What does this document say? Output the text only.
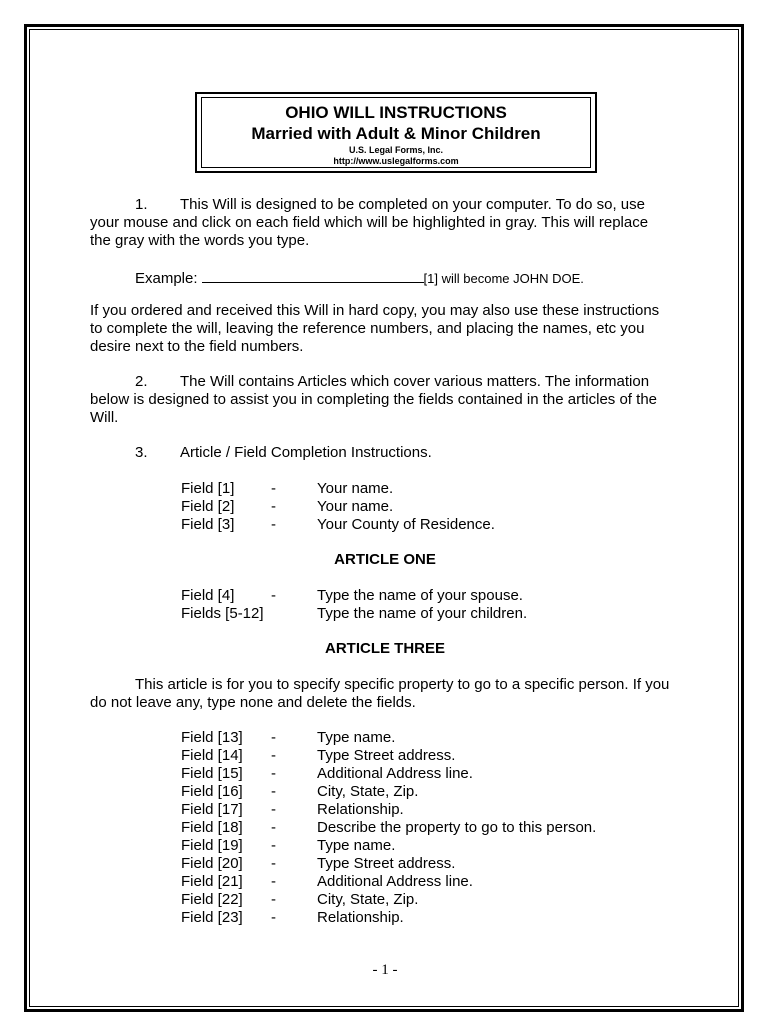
OHIO WILL INSTRUCTIONS
Married with Adult & Minor Children
U.S. Legal Forms, Inc.
http://www.uslegalforms.com
1. This Will is designed to be completed on your computer. To do so, use
your mouse and click on each field which will be highlighted in gray. This will replace
the gray with the words you type.
Example:	[1] will become JOHN DOE.
If you ordered and received this Will in hard copy, you may also use these instructions
to complete the will, leaving the reference numbers, and placing the names, etc you
desire next to the field numbers.
2. The Will contains Articles which cover various matters. The information
below is designed to assist you in completing the fields contained in the articles of the
Will.
3. Article / Field Completion Instructions.
Field [1]	-	Your name.
Field [2]	-	Your name.
Field [3]	-	Your County of Residence.
ARTICLE ONE
Field [4]	-	Type the name of your spouse.
Fields [5-12]	Type the name of your children.
ARTICLE THREE
This article is for you to specify specific property to go to a specific person. If you
do not leave any, type none and delete the fields.
Field [13]	-	Type name.
Field [14]	-	Type Street address.
Field [15]	-	Additional Address line.
Field [16]	-	City, State, Zip.
Field [17]	-	Relationship.
Field [18]	-	Describe the property to go to this person.
Field [19]	-	Type name.
Field [20]	-	Type Street address.
Field [21]	-	Additional Address line.
Field [22]	-	City, State, Zip.
Field [23]	-	Relationship.
- 1 -
